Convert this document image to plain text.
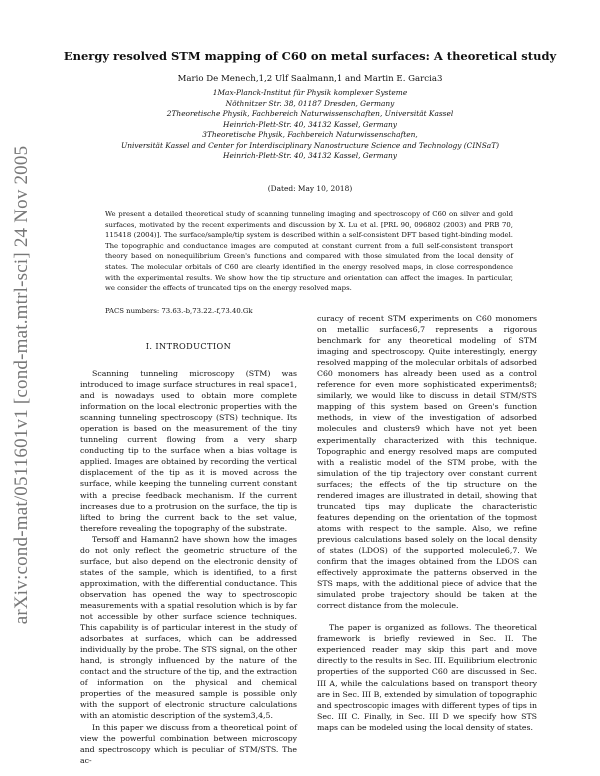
arXiv:cond-mat/0511601v1 [cond-mat.mtrl-sci] 24 Nov 2005
Energy resolved STM mapping of C60 on metal surfaces: A theoretical study
Mario De Menech,1,2 Ulf Saalmann,1 and Martin E. Garcia3
1Max-Planck-Institut für Physik komplexer Systeme
Nöthnitzer Str. 38, 01187 Dresden, Germany
2Theoretische Physik, Fachbereich Naturwissenschaften, Universität Kassel
Heinrich-Plett-Str. 40, 34132 Kassel, Germany
3Theoretische Physik, Fachbereich Naturwissenschaften,
Universität Kassel and Center for Interdisciplinary Nanostructure Science and Technology (CINSaT)
Heinrich-Plett-Str. 40, 34132 Kassel, Germany
(Dated: May 10, 2018)
We present a detailed theoretical study of scanning tunneling imaging and spectroscopy of C60 on silver and gold surfaces, motivated by the recent experiments and discussion by X. Lu et al. [PRL 90, 096802 (2003) and PRB 70, 115418 (2004)]. The surface/sample/tip system is described within a self-consistent DFT based tight-binding model. The topographic and conductance images are computed at constant current from a full self-consistent transport theory based on nonequilibrium Green's functions and compared with those simulated from the local density of states. The molecular orbitals of C60 are clearly identified in the energy resolved maps, in close correspondence with the experimental results. We show how the tip structure and orientation can affect the images. In particular, we consider the effects of truncated tips on the energy resolved maps.
PACS numbers: 73.63.-b,73.22.-f,73.40.Gk
I. INTRODUCTION

Scanning tunneling microscopy (STM) was introduced to image surface structures in real space1, and is nowadays used to obtain more complete information on the local electronic properties with the scanning tunneling spectroscopy (STS) technique. Its operation is based on the measurement of the tiny tunneling current flowing from a very sharp conducting tip to the surface when a bias voltage is applied. Images are obtained by recording the vertical displacement of the tip as it is moved across the surface, while keeping the tunneling current constant with a precise feedback mechanism. If the current increases due to a protrusion on the surface, the tip is lifted to bring the current back to the set value, therefore revealing the topography of the substrate.

Tersoff and Hamann2 have shown how the images do not only reflect the geometric structure of the surface, but also depend on the electronic density of states of the sample, which is identified, to a first approximation, with the differential conductance. This observation has opened the way to spectroscopic measurements with a spatial resolution which is by far not accessible by other surface science techniques. This capability is of particular interest in the study of adsorbates at surfaces, which can be addressed individually by the probe. The STS signal, on the other hand, is strongly influenced by the nature of the contact and the structure of the tip, and the extraction of information on the physical and chemical properties of the measured sample is possible only with the support of electronic structure calculations with an atomistic description of the system3,4,5.

In this paper we discuss from a theoretical point of view the powerful combination between microscopy and spectroscopy which is peculiar of STM/STS. The ac-

curacy of recent STM experiments on C60 monomers on metallic surfaces6,7 represents a rigorous benchmark for any theoretical modeling of STM imaging and spectroscopy. Quite interestingly, energy resolved mapping of the molecular orbitals of adsorbed C60 monomers has already been used as a control reference for even more sophisticated experiments8; similarly, we would like to discuss in detail STM/STS mapping of this system based on Green's function methods, in view of the investigation of adsorbed molecules and clusters9 which have not yet been experimentally characterized with this technique. Topographic and energy resolved maps are computed with a realistic model of the STM probe, with the simulation of the tip trajectory over constant current surfaces; the effects of the tip structure on the rendered images are illustrated in detail, showing that truncated tips may duplicate the characteristic features depending on the orientation of the topmost atoms with respect to the sample. Also, we refine previous calculations based solely on the local density of states (LDOS) of the supported molecule6,7. We confirm that the images obtained from the LDOS can effectively approximate the patterns observed in the STS maps, with the additional piece of advice that the simulated probe trajectory should be taken at the correct distance from the molecule.

The paper is organized as follows. The theoretical framework is briefly reviewed in Sec. II. The experienced reader may skip this part and move directly to the results in Sec. III. Equilibrium electronic properties of the supported C60 are discussed in Sec. III A, while the calculations based on transport theory are in Sec. III B, extended by simulation of topographic and spectroscopic images with different types of tips in Sec. III C. Finally, in Sec. III D we specify how STS maps can be modeled using the local density of states.
